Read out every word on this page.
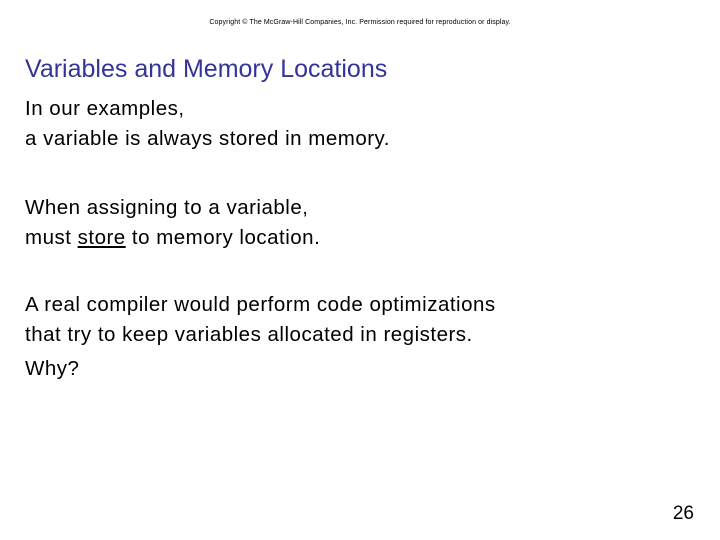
Copyright © The McGraw-Hill Companies, Inc. Permission required for reproduction or display.
Variables and Memory Locations

In our examples,

a variable is always stored in memory.

When assigning to a variable,

must store to memory location.

A real compiler would perform code optimizations

that try to keep variables allocated in registers.

Why?

26
